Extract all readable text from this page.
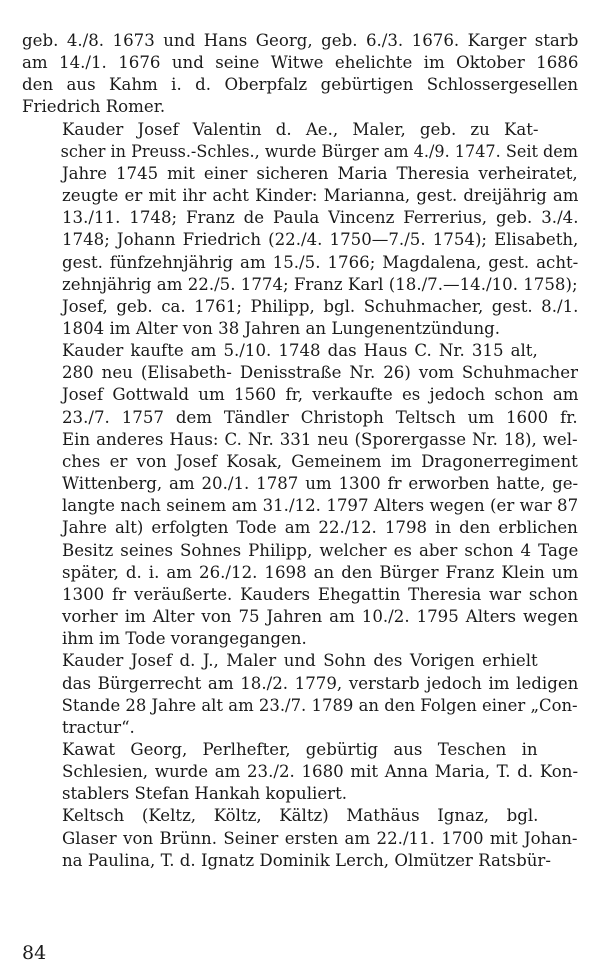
geb. 4./8. 1673 und Hans Georg, geb. 6./3. 1676. Karger starb
am 14./1. 1676 und seine Witwe ehelichte im Oktober 1686
den aus Kahm i. d. Oberpfalz gebürtigen Schlossergesellen
Friedrich Romer.

Kauder Josef Valentin d. Ae., Maler, geb. zu Kat-
scher in Preuss.-Schles., wurde Bürger am 4./9. 1747. Seit dem
Jahre 1745 mit einer sicheren Maria Theresia verheiratet,
zeugte er mit ihr acht Kinder: Marianna, gest. dreijährig am
13./11. 1748; Franz de Paula Vincenz Ferrerius, geb. 3./4.
1748; Johann Friedrich (22./4. 1750—7./5. 1754); Elisabeth,
gest. fünfzehnjährig am 15./5. 1766; Magdalena, gest. acht-
zehnjährig am 22./5. 1774; Franz Karl (18./7.—14./10. 1758);
Josef, geb. ca. 1761; Philipp, bgl. Schuhmacher, gest. 8./1.
1804 im Alter von 38 Jahren an Lungenentzündung.

Kauder kaufte am 5./10. 1748 das Haus C. Nr. 315 alt,
280 neu (Elisabeth- Denisstraße Nr. 26) vom Schuhmacher
Josef Gottwald um 1560 fr, verkaufte es jedoch schon am
23./7. 1757 dem Tändler Christoph Teltsch um 1600 fr.
Ein anderes Haus: C. Nr. 331 neu (Sporergasse Nr. 18), wel-
ches er von Josef Kosak, Gemeinem im Dragonerregiment
Wittenberg, am 20./1. 1787 um 1300 fr erworben hatte, ge-
langte nach seinem am 31./12. 1797 Alters wegen (er war 87
Jahre alt) erfolgten Tode am 22./12. 1798 in den erblichen
Besitz seines Sohnes Philipp, welcher es aber schon 4 Tage
später, d. i. am 26./12. 1698 an den Bürger Franz Klein um
1300 fr veräußerte. Kauders Ehegattin Theresia war schon
vorher im Alter von 75 Jahren am 10./2. 1795 Alters wegen
ihm im Tode vorangegangen.

Kauder Josef d. J., Maler und Sohn des Vorigen erhielt
das Bürgerrecht am 18./2. 1779, verstarb jedoch im ledigen
Stande 28 Jahre alt am 23./7. 1789 an den Folgen einer „Con-
tractur“.

Kawat Georg, Perlhefter, gebürtig aus Teschen in
Schlesien, wurde am 23./2. 1680 mit Anna Maria, T. d. Kon-
stablers Stefan Hankah kopuliert.

Keltsch (Keltz, Költz, Kältz) Mathäus Ignaz, bgl.
Glaser von Brünn. Seiner ersten am 22./11. 1700 mit Johan-
na Paulina, T. d. Ignatz Dominik Lerch, Olmützer Ratsbür-

84
